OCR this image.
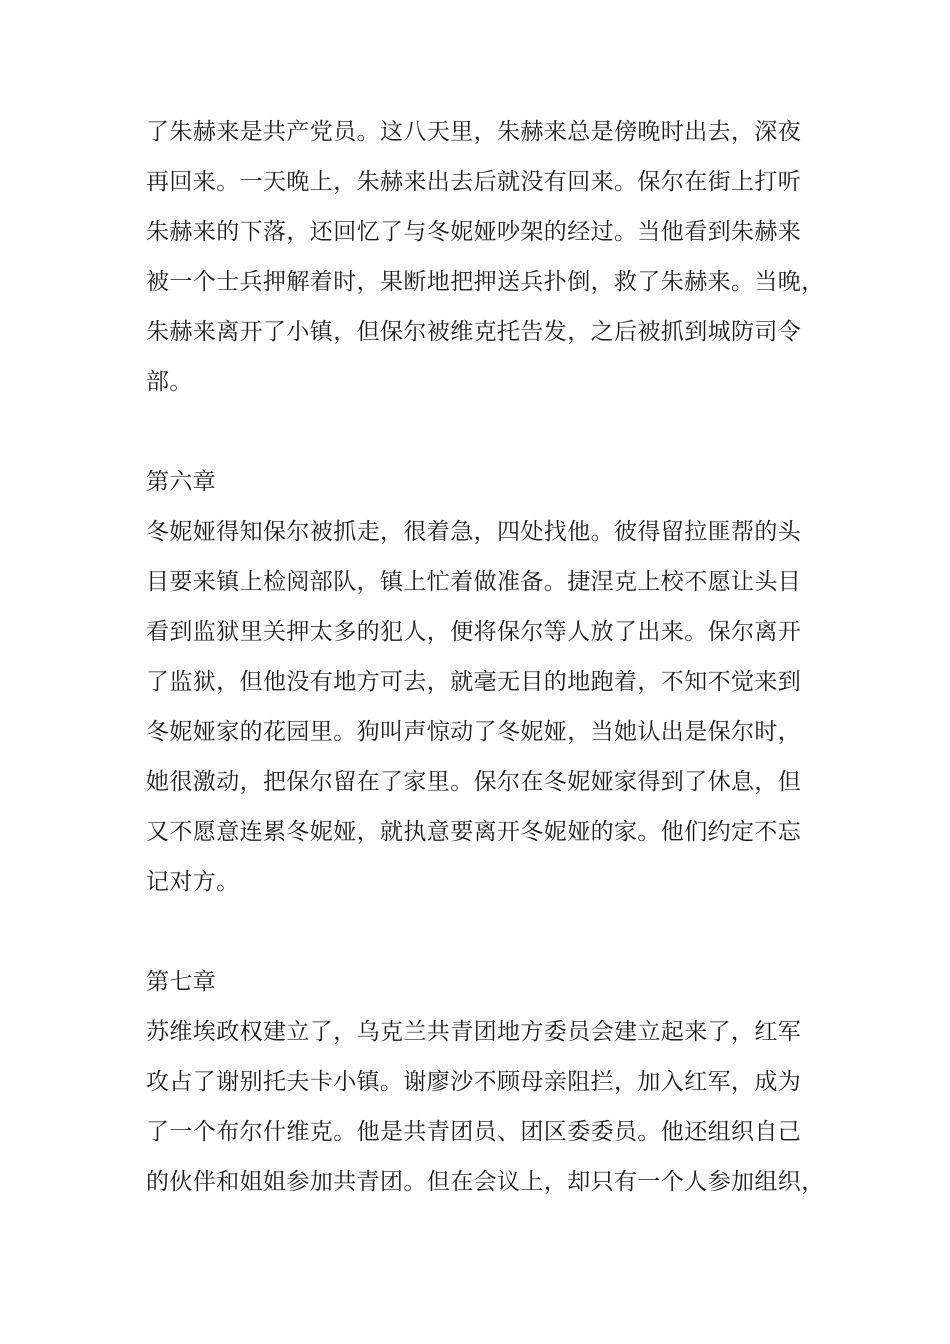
了朱赫来是共产党员。这八天里，朱赫来总是傍晚时出去，深夜
再回来。一天晚上，朱赫来出去后就没有回来。保尔在街上打听
朱赫来的下落，还回忆了与冬妮娅吵架的经过。当他看到朱赫来
被一个士兵押解着时，果断地把押送兵扑倒，救了朱赫来。当晚，
朱赫来离开了小镇，但保尔被维克托告发，之后被抓到城防司令
部。
第六章
冬妮娅得知保尔被抓走，很着急，四处找他。彼得留拉匪帮的头
目要来镇上检阅部队，镇上忙着做准备。捷涅克上校不愿让头目
看到监狱里关押太多的犯人，便将保尔等人放了出来。保尔离开
了监狱，但他没有地方可去，就毫无目的地跑着，不知不觉来到
冬妮娅家的花园里。狗叫声惊动了冬妮娅，当她认出是保尔时，
她很激动，把保尔留在了家里。保尔在冬妮娅家得到了休息，但
又不愿意连累冬妮娅，就执意要离开冬妮娅的家。他们约定不忘
记对方。
第七章
苏维埃政权建立了，乌克兰共青团地方委员会建立起来了，红军
攻占了谢别托夫卡小镇。谢廖沙不顾母亲阻拦，加入红军，成为
了一个布尔什维克。他是共青团员、团区委委员。他还组织自己
的伙伴和姐姐参加共青团。但在会议上，却只有一个人参加组织，
